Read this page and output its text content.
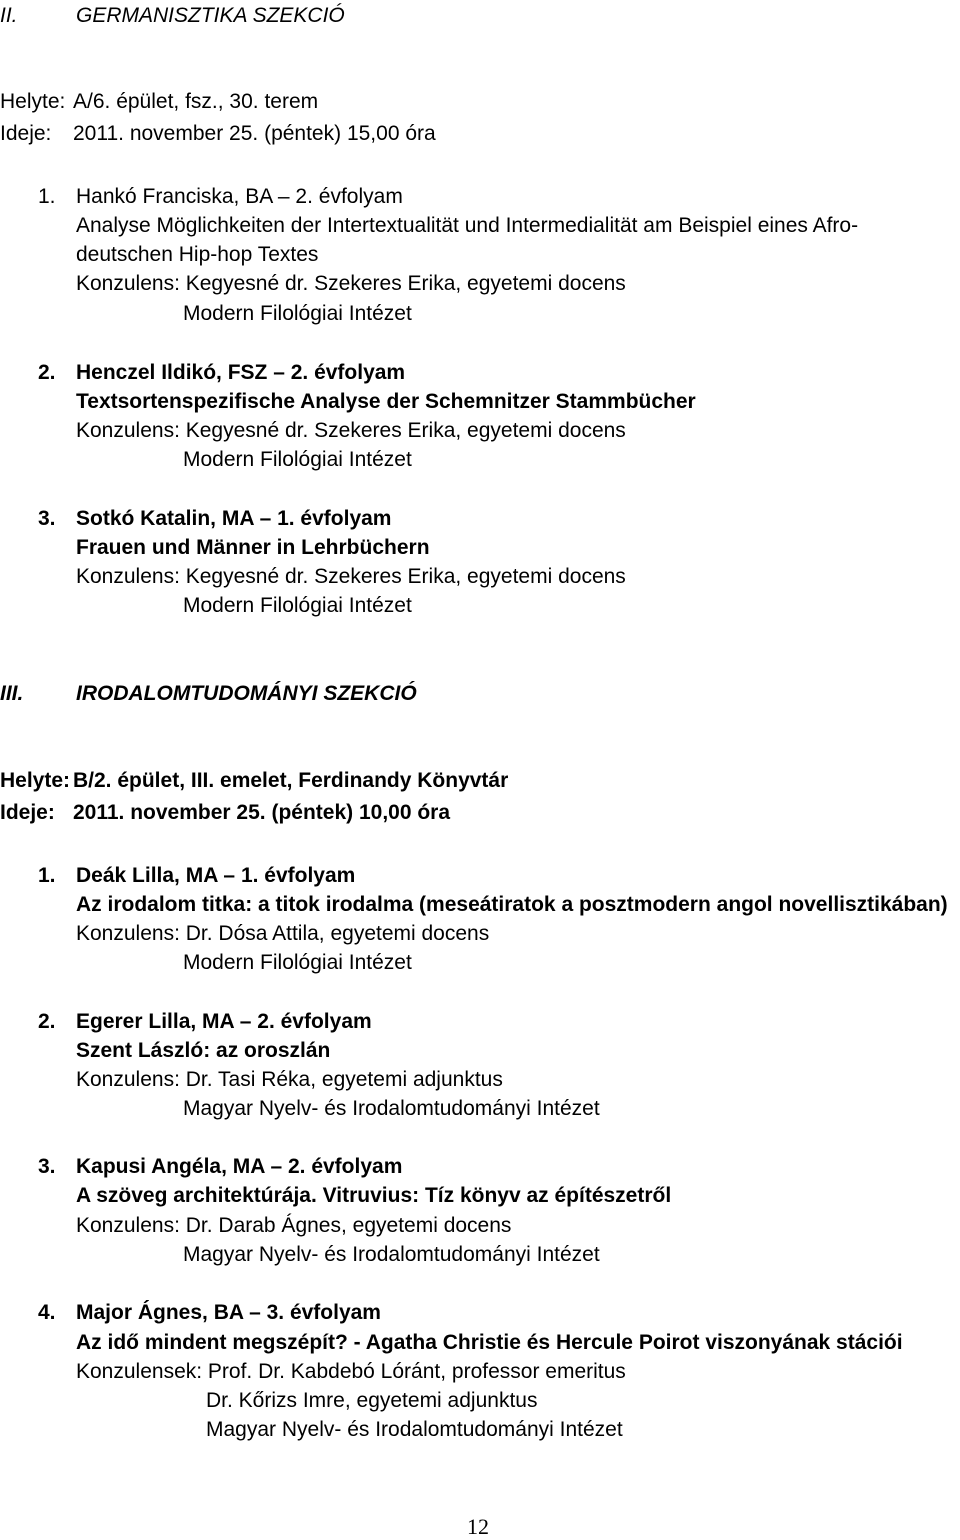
II.	GERMANISZTIKA SZEKCIÓ
Helyte: A/6. épület, fsz., 30. terem
Ideje: 2011. november 25. (péntek) 15,00 óra
1. Hankó Franciska, BA – 2. évfolyam
Analyse Möglichkeiten der Intertextualität und Intermedialität am Beispiel eines Afro-
deutschen Hip-hop Textes
Konzulens: Kegyesné dr. Szekeres Erika, egyetemi docens
Modern Filológiai Intézet
2. Henczel Ildikó, FSZ – 2. évfolyam
Textsortenspezifische Analyse der Schemnitzer Stammbücher
Konzulens: Kegyesné dr. Szekeres Erika, egyetemi docens
Modern Filológiai Intézet
3. Sotkó Katalin, MA – 1. évfolyam
Frauen und Männer in Lehrbüchern
Konzulens: Kegyesné dr. Szekeres Erika, egyetemi docens
Modern Filológiai Intézet
III.	IRODALOMTUDOMÁNYI SZEKCIÓ
Helyte: B/2. épület, III. emelet, Ferdinandy Könyvtár
Ideje: 2011. november 25. (péntek) 10,00 óra
1. Deák Lilla, MA – 1. évfolyam
Az irodalom titka: a titok irodalma (meseátiratok a posztmodern angol novellisztikában)
Konzulens: Dr. Dósa Attila, egyetemi docens
Modern Filológiai Intézet
2. Egerer Lilla, MA – 2. évfolyam
Szent László: az oroszlán
Konzulens: Dr. Tasi Réka, egyetemi adjunktus
Magyar Nyelv- és Irodalomtudományi Intézet
3. Kapusi Angéla, MA – 2. évfolyam
A szöveg architektúrája. Vitruvius: Tíz könyv az építészetről
Konzulens: Dr. Darab Ágnes, egyetemi docens
Magyar Nyelv- és Irodalomtudományi Intézet
4. Major Ágnes, BA – 3. évfolyam
Az idő mindent megszépít? - Agatha Christie és Hercule Poirot viszonyának stációi
Konzulensek: Prof. Dr. Kabdebó Lóránt, professor emeritus
Dr. Kőrizs Imre, egyetemi adjunktus
Magyar Nyelv- és Irodalomtudományi Intézet
12
